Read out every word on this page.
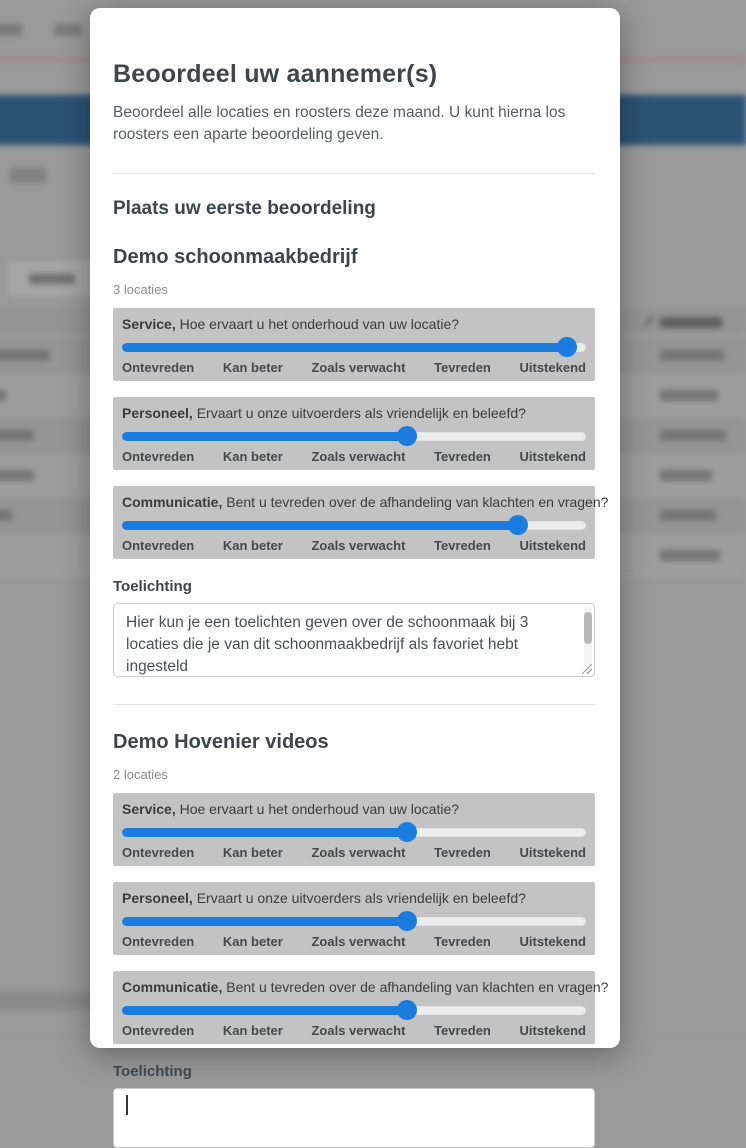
Beoordeel uw aannemer(s)

Beoordeel alle locaties en roosters deze maand. U kunt hierna los roosters een aparte beoordeling geven.

Plaats uw eerste beoordeling
Demo schoonmaakbedrijf
3 locaties
Service, Hoe ervaart u het onderhoud van uw locatie?
Ontevreden Kan beter Zoals verwacht Tevreden Uitstekend
Personeel, Ervaart u onze uitvoerders als vriendelijk en beleefd?
Ontevreden Kan beter Zoals verwacht Tevreden Uitstekend
Communicatie, Bent u tevreden over de afhandeling van klachten en vragen?
Ontevreden Kan beter Zoals verwacht Tevreden Uitstekend
Toelichting
Hier kun je een toelichten geven over de schoonmaak bij 3 locaties die je van dit schoonmaakbedrijf als favoriet hebt ingesteld
Demo Hovenier videos
2 locaties
Service, Hoe ervaart u het onderhoud van uw locatie?
Ontevreden Kan beter Zoals verwacht Tevreden Uitstekend
Personeel, Ervaart u onze uitvoerders als vriendelijk en beleefd?
Ontevreden Kan beter Zoals verwacht Tevreden Uitstekend
Communicatie, Bent u tevreden over de afhandeling van klachten en vragen?
Ontevreden Kan beter Zoals verwacht Tevreden Uitstekend
Toelichting
